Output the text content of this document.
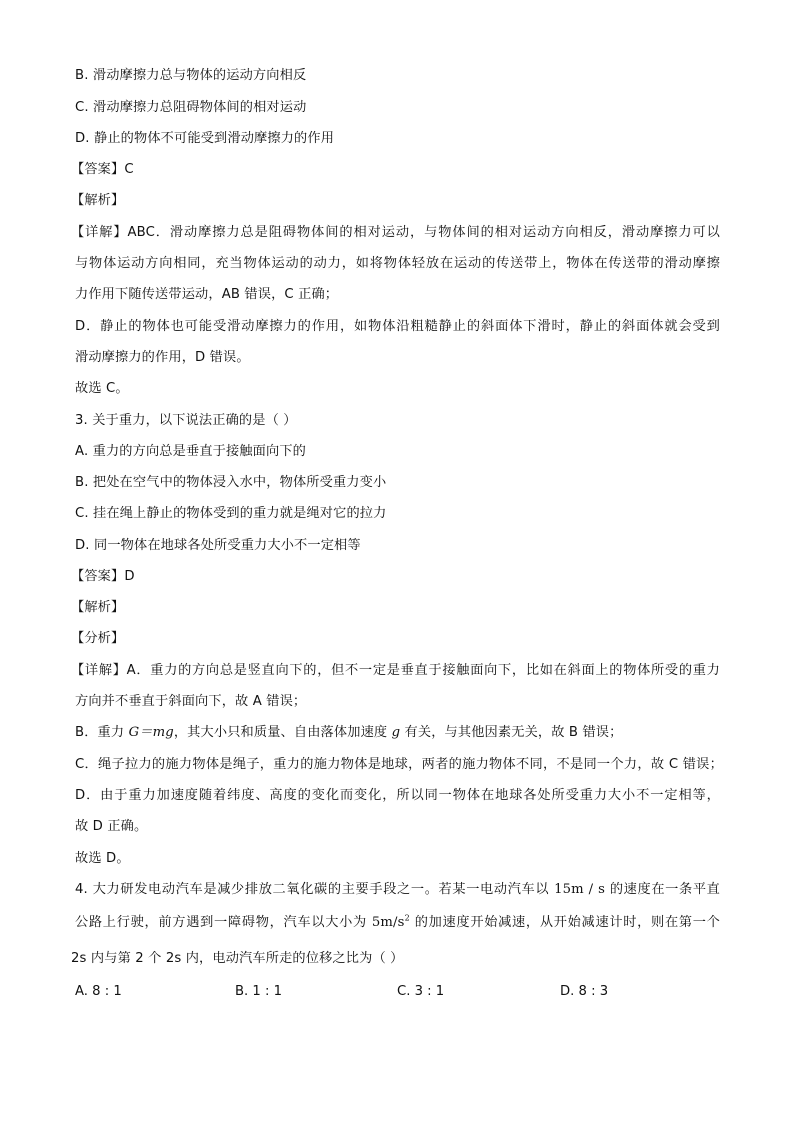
B. 滑动摩擦力总与物体的运动方向相反
C. 滑动摩擦力总阻碍物体间的相对运动
D. 静止的物体不可能受到滑动摩擦力的作用
【答案】C
【解析】
【详解】ABC．滑动摩擦力总是阻碍物体间的相对运动，与物体间的相对运动方向相反，滑动摩擦力可以
与物体运动方向相同，充当物体运动的动力，如将物体轻放在运动的传送带上，物体在传送带的滑动摩擦
力作用下随传送带运动，AB 错误，C 正确；
D．静止的物体也可能受滑动摩擦力的作用，如物体沿粗糙静止的斜面体下滑时，静止的斜面体就会受到
滑动摩擦力的作用，D 错误。
故选 C。
3. 关于重力，以下说法正确的是（ ）
A. 重力的方向总是垂直于接触面向下的
B. 把处在空气中的物体浸入水中，物体所受重力变小
C. 挂在绳上静止的物体受到的重力就是绳对它的拉力
D. 同一物体在地球各处所受重力大小不一定相等
【答案】D
【解析】
【分析】
【详解】A．重力的方向总是竖直向下的，但不一定是垂直于接触面向下，比如在斜面上的物体所受的重力
方向并不垂直于斜面向下，故 A 错误；
B．重力 G＝mg，其大小只和质量、自由落体加速度 g 有关，与其他因素无关，故 B 错误；
C．绳子拉力的施力物体是绳子，重力的施力物体是地球，两者的施力物体不同，不是同一个力，故 C 错误；
D．由于重力加速度随着纬度、高度的变化而变化，所以同一物体在地球各处所受重力大小不一定相等，
故 D 正确。
故选 D。
4. 大力研发电动汽车是减少排放二氧化碳的主要手段之一。若某一电动汽车以 15m / s 的速度在一条平直
公路上行驶，前方遇到一障碍物，汽车以大小为 $5m/s^2$ 的加速度开始减速，从开始减速计时，则在第一个
2s 内与第 2 个 2s 内，电动汽车所走的位移之比为（ ）
A. 8 : 1	B. 1 : 1	C. 3 : 1	D. 8 : 3
